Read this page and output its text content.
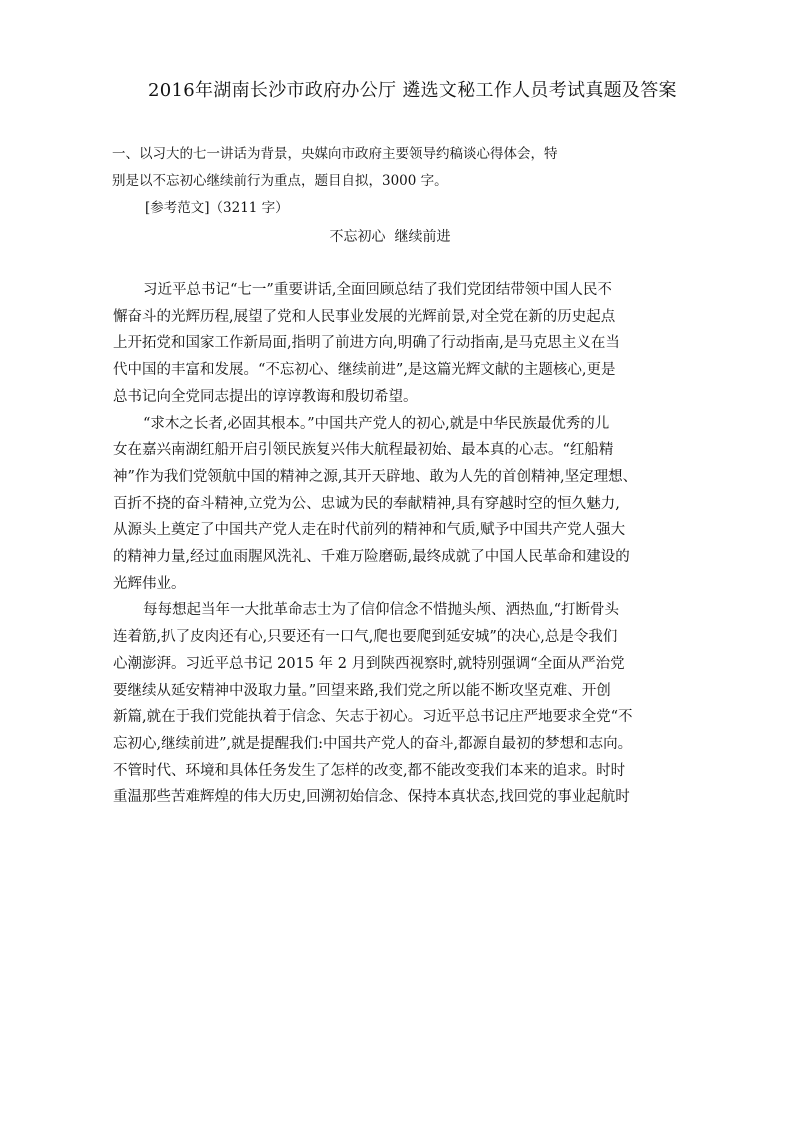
2016年湖南长沙市政府办公厅 遴选文秘工作人员考试真题及答案
一、以习大的七一讲话为背景，央媒向市政府主要领导约稿谈心得体会，特
别是以不忘初心继续前行为重点，题目自拟，3000 字。
[参考范文]（3211 字）
不忘初心  继续前进
习近平总书记“七一”重要讲话,全面回顾总结了我们党团结带领中国人民不
懈奋斗的光辉历程,展望了党和人民事业发展的光辉前景,对全党在新的历史起点
上开拓党和国家工作新局面,指明了前进方向,明确了行动指南,是马克思主义在当
代中国的丰富和发展。“不忘初心、继续前进”,是这篇光辉文献的主题核心,更是
总书记向全党同志提出的谆谆教诲和殷切希望。
“求木之长者,必固其根本。”中国共产党人的初心,就是中华民族最优秀的儿
女在嘉兴南湖红船开启引领民族复兴伟大航程最初始、最本真的心志。“红船精
神”作为我们党领航中国的精神之源,其开天辟地、敢为人先的首创精神,坚定理想、
百折不挠的奋斗精神,立党为公、忠诚为民的奉献精神,具有穿越时空的恒久魅力,
从源头上奠定了中国共产党人走在时代前列的精神和气质,赋予中国共产党人强大
的精神力量,经过血雨腥风洗礼、千难万险磨砺,最终成就了中国人民革命和建设的
光辉伟业。
每每想起当年一大批革命志士为了信仰信念不惜抛头颅、洒热血,“打断骨头
连着筋,扒了皮肉还有心,只要还有一口气,爬也要爬到延安城”的决心,总是令我们
心潮澎湃。习近平总书记 2015 年 2 月到陕西视察时,就特别强调“全面从严治党
要继续从延安精神中汲取力量。”回望来路,我们党之所以能不断攻坚克难、开创
新篇,就在于我们党能执着于信念、矢志于初心。习近平总书记庄严地要求全党“不
忘初心,继续前进”,就是提醒我们:中国共产党人的奋斗,都源自最初的梦想和志向。
不管时代、环境和具体任务发生了怎样的改变,都不能改变我们本来的追求。时时
重温那些苦难辉煌的伟大历史,回溯初始信念、保持本真状态,找回党的事业起航时
